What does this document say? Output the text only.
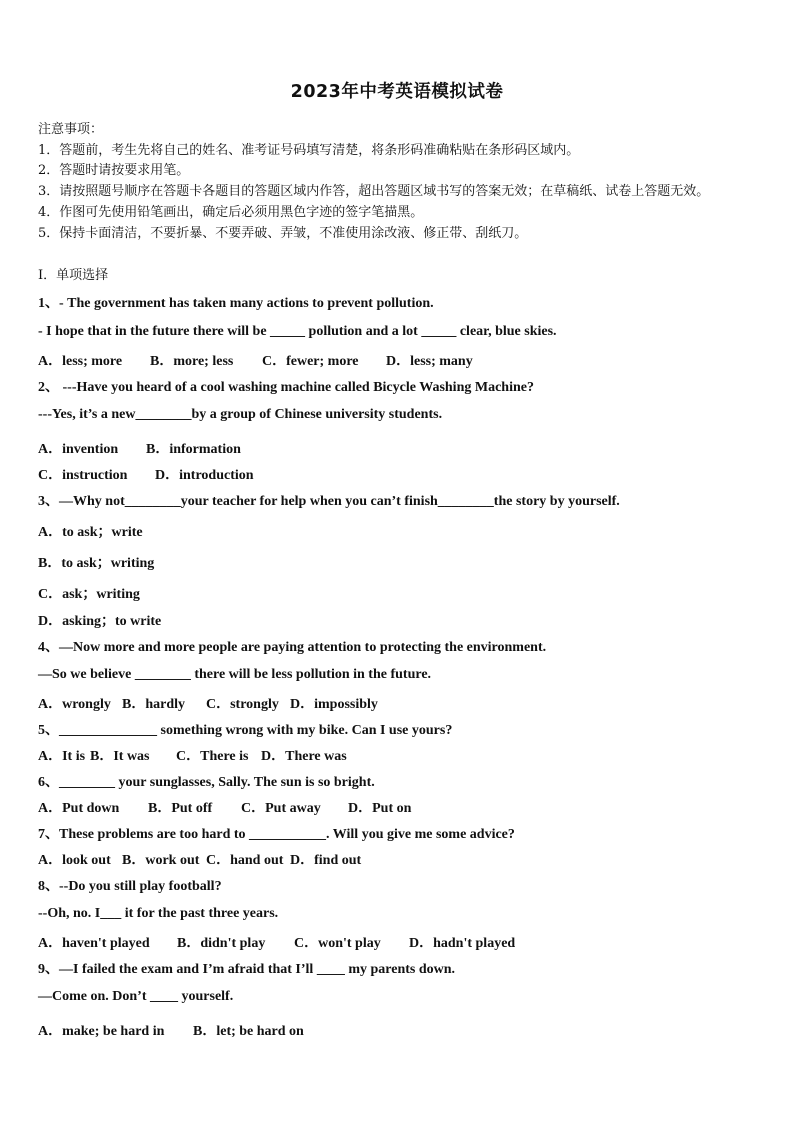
2023年中考英语模拟试卷
注意事项：
1．答题前，考生先将自己的姓名、准考证号码填写清楚，将条形码准确粘贴在条形码区域内。
2．答题时请按要求用笔。
3．请按照题号顺序在答题卡各题目的答题区域内作答，超出答题区域书写的答案无效；在草稿纸、试卷上答题无效。
4．作图可先使用铅笔画出，确定后必须用黑色字迹的签字笔描黑。
5．保持卡面清洁，不要折暴、不要弄破、弄皱，不准使用涂改液、修正带、刮纸刀。
Ⅰ．单项选择
1、- The government has taken many actions to prevent pollution.
- I hope that in the future there will be _____ pollution and a lot _____ clear, blue skies.
A．less; more B．more; less C．fewer; more D．less; many
2、 ---Have you heard of a cool washing machine called Bicycle Washing Machine?
---Yes, it’s a new________by a group of Chinese university students.
A．invention B．information
C．instruction D．introduction
3、—Why not________your teacher for help when you can’t finish________the story by yourself.
A．to ask；write
B．to ask；writing
C．ask；writing
D．asking；to write
4、—Now more and more people are paying attention to protecting the environment.
—So we believe ________ there will be less pollution in the future.
A．wrongly B．hardly C．strongly D．impossibly
5、______________ something wrong with my bike. Can I use yours?
A．It is B．It was C．There is D．There was
6、________ your sunglasses, Sally. The sun is so bright.
A．Put down B．Put off C．Put away D．Put on
7、These problems are too hard to ___________. Will you give me some advice?
A．look out B．work out C．hand out D．find out
8、--Do you still play football?
--Oh, no. I___ it for the past three years.
A．haven't played B．didn't play C．won't play D．hadn't played
9、—I failed the exam and I’m afraid that I’ll ____ my parents down.
—Come on. Don’t ____ yourself.
A．make; be hard in B．let; be hard on
